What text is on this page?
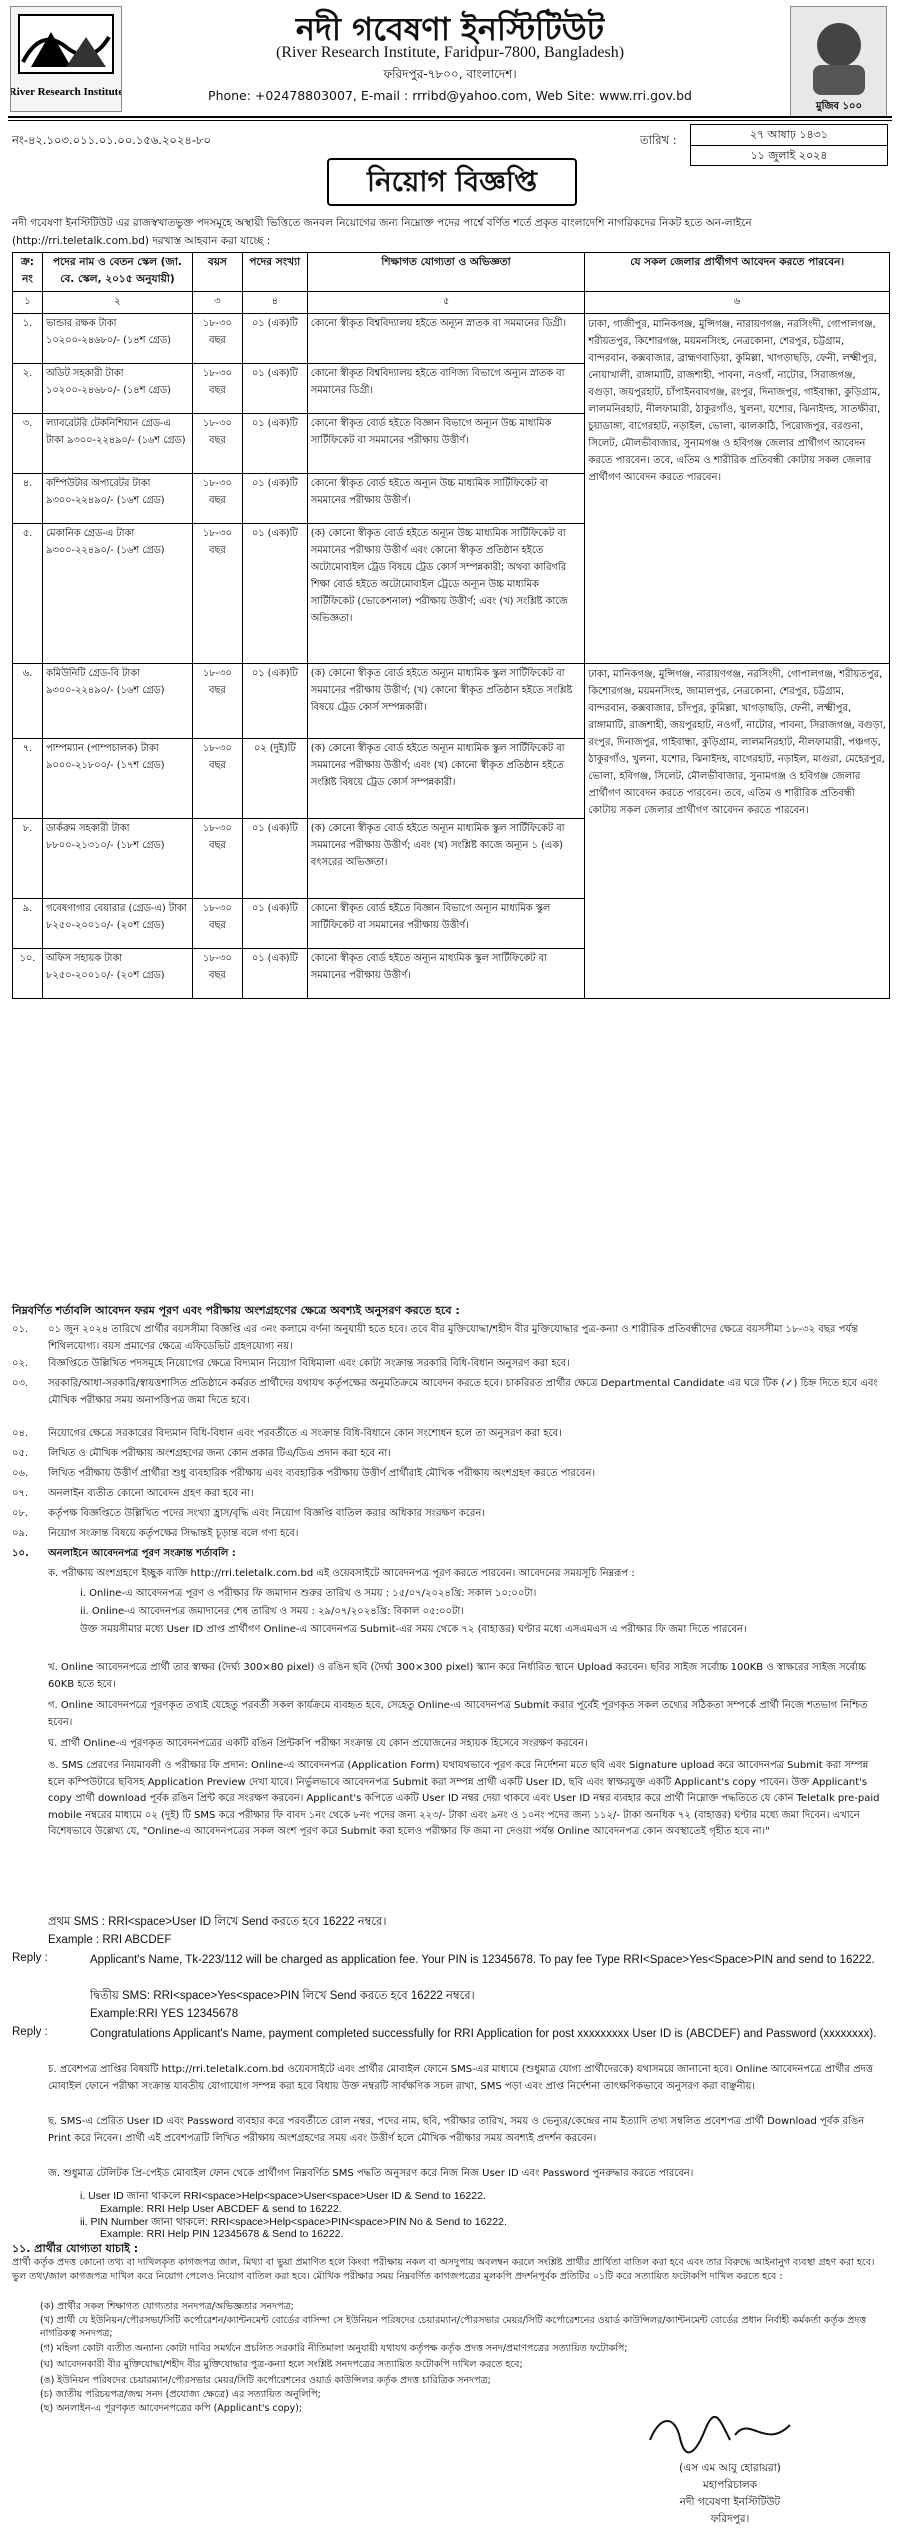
River Research Institute
নদী গবেষণা ইনস্টিটিউট
(River Research Institute, Faridpur-7800, Bangladesh)
ফরিদপুর-৭৮০০, বাংলাদেশ।
Phone: +02478803007, E-mail : rrribd@yahoo.com, Web Site: www.rri.gov.bd
মুজিব ১০০
নং-৪২.১০৩.০১১.০১.০০.১৫৬.২০২৪-৮০	তারিখ :	২৭ আষাঢ় ১৪৩১
১১ জুলাই ২০২৪
নিয়োগ বিজ্ঞপ্তি
নদী গবেষণা ইনস্টিটিউট এর রাজস্বখাতভুক্ত পদসমূহে অস্থায়ী ভিত্তিতে জনবল নিয়োগের জন্য নিম্নোক্ত পদের পার্শ্বে বর্ণিত শর্তে প্রকৃত বাংলাদেশি নাগরিকদের নিকট হতে অন-লাইনে (http://rri.teletalk.com.bd) দরখাস্ত আহবান করা যাচ্ছে :
ক্র: নং	পদের নাম ও বেতন স্কেল (জা. বে. স্কেল, ২০১৫ অনুযায়ী)	বয়স	পদের সংখ্যা	শিক্ষাগত যোগ্যতা ও অভিজ্ঞতা	যে সকল জেলার প্রার্থীগণ আবেদন করতে পারবেন।
১	২	৩	৪	৫	৬
১.	ভান্ডার রক্ষক টাকা ১০২০০-২৪৬৮০/- (১৪শ গ্রেড)	১৮-৩০ বছর	০১ (এক)টি	কোনো স্বীকৃত বিশ্ববিদ্যালয় হইতে অন্যূন স্নাতক বা সমমানের ডিগ্রী।	ঢাকা, গাজীপুর, মানিকগঞ্জ, মুন্সিগঞ্জ, নারায়ণগঞ্জ, নরসিংদী, গোপালগঞ্জ, শরীয়তপুর, কিশোরগঞ্জ, ময়মনসিংহ, নেত্রকোনা, শেরপুর, চট্টগ্রাম, বান্দরবান, কক্সবাজার, ব্রাহ্মণবাড়িয়া, কুমিল্লা, খাগড়াছড়ি, ফেনী, লক্ষ্মীপুর, নোয়াখালী, রাঙ্গামাটি, রাজশাহী, পাবনা, নওগাঁ, নাটোর, সিরাজগঞ্জ, বগুড়া, জয়পুরহাট, চাঁপাইনবাবগঞ্জ, রংপুর, দিনাজপুর, গাইবান্ধা, কুড়িগ্রাম, লালমনিরহাট, নীলফামারী, ঠাকুরগাঁও, খুলনা, যশোর, ঝিনাইদহ, সাতক্ষীরা, চুয়াডাঙ্গা, বাগেরহাট, নড়াইল, ভোলা, ঝালকাঠি, পিরোজপুর, বরগুনা, সিলেট, মৌলভীবাজার, সুনামগঞ্জ ও হবিগঞ্জ জেলার প্রার্থীগণ আবেদন করতে পারবেন। তবে, এতিম ও শারীরিক প্রতিবন্ধী কোটায় সকল জেলার প্রার্থীগণ আবেদন করতে পারবেন।
২.	অডিট সহকারী টাকা ১০২০০-২৪৬৮০/- (১৪শ গ্রেড)	১৮-৩০ বছর	০১ (এক)টি	কোনো স্বীকৃত বিশ্ববিদ্যালয় হইতে বাণিজ্য বিভাগে অন্যূন স্নাতক বা সমমানের ডিগ্রী।	
৩.	ল্যাবরেটরি টেকনিশিয়ান গ্রেড-এ টাকা ৯৩০০-২২৪৯০/- (১৬শ গ্রেড)	১৮-৩০ বছর	০১ (এক)টি	কোনো স্বীকৃত বোর্ড হইতে বিজ্ঞান বিভাগে অন্যূন উচ্চ মাধ্যমিক সার্টিফিকেট বা সমমানের পরীক্ষায় উত্তীর্ণ।	
৪.	কম্পিউটার অপারেটর টাকা ৯৩০০-২২৪৯০/- (১৬শ গ্রেড)	১৮-৩০ বছর	০১ (এক)টি	কোনো স্বীকৃত বোর্ড হইতে অন্যূন উচ্চ মাধ্যমিক সার্টিফিকেট বা সমমানের পরীক্ষায় উত্তীর্ণ।	
৫.	মেকানিক গ্রেড-এ টাকা ৯৩০০-২২৪৯০/- (১৬শ গ্রেড)	১৮-৩০ বছর	০১ (এক)টি	(ক) কোনো স্বীকৃত বোর্ড হইতে অন্যূন উচ্চ মাধ্যমিক সার্টিফিকেট বা সমমানের পরীক্ষায় উত্তীর্ণ এবং কোনো স্বীকৃত প্রতিষ্ঠান হইতে অটোমোবাইল ট্রেড বিষয়ে ট্রেড কোর্স সম্পন্নকারী; অথবা কারিগরি শিক্ষা বোর্ড হইতে অটোমোবাইল ট্রেডে অন্যূন উচ্চ মাধ্যমিক সার্টিফিকেট (ভোকেশনাল) পরীক্ষায় উত্তীর্ণ; এবং (খ) সংশ্লিষ্ট কাজে অভিজ্ঞতা।	
৬.	কমিউনিটি গ্রেড-বি টাকা ৯৩০০-২২৪৯০/- (১৬শ গ্রেড)	১৮-৩০ বছর	০১ (এক)টি	(ক) কোনো স্বীকৃত বোর্ড হইতে অন্যূন মাধ্যমিক স্কুল সার্টিফিকেট বা সমমানের পরীক্ষায় উত্তীর্ণ; (খ) কোনো স্বীকৃত প্রতিষ্ঠান হইতে সংশ্লিষ্ট বিষয়ে ট্রেড কোর্স সম্পন্নকারী।	ঢাকা, মানিকগঞ্জ, মুন্সিগঞ্জ, নারায়ণগঞ্জ, নরসিংদী, গোপালগঞ্জ, শরীয়তপুর, কিশোরগঞ্জ, ময়মনসিংহ, জামালপুর, নেত্রকোনা, শেরপুর, চট্টগ্রাম, বান্দরবান, কক্সবাজার, চাঁদপুর, কুমিল্লা, খাগড়াছড়ি, ফেনী, লক্ষ্মীপুর, রাঙ্গামাটি, রাজশাহী, জয়পুরহাট, নওগাঁ, নাটোর, পাবনা, সিরাজগঞ্জ, বগুড়া, রংপুর, দিনাজপুর, গাইবান্ধা, কুড়িগ্রাম, লালমনিরহাট, নীলফামারী, পঞ্চগড়, ঠাকুরগাঁও, খুলনা, যশোর, ঝিনাইদহ, বাগেরহাট, নড়াইল, মাগুরা, মেহেরপুর, ভোলা, হবিগঞ্জ, সিলেট, মৌলভীবাজার, সুনামগঞ্জ ও হবিগঞ্জ জেলার প্রার্থীগণ আবেদন করতে পারবেন। তবে, এতিম ও শারীরিক প্রতিবন্ধী কোটায় সকল জেলার প্রার্থীগণ আবেদন করতে পারবেন।
৭.	পাম্পম্যান (পাম্পচালক) টাকা ৯০০০-২১৮০০/- (১৭শ গ্রেড)	১৮-৩০ বছর	০২ (দুই)টি	(ক) কোনো স্বীকৃত বোর্ড হইতে অন্যূন মাধ্যমিক স্কুল সার্টিফিকেট বা সমমানের পরীক্ষায় উত্তীর্ণ; এবং (খ) কোনো স্বীকৃত প্রতিষ্ঠান হইতে সংশ্লিষ্ট বিষয়ে ট্রেড কোর্স সম্পন্নকারী।	
৮.	ডার্করুম সহকারী টাকা ৮৮০০-২১৩১০/- (১৮শ গ্রেড)	১৮-৩০ বছর	০১ (এক)টি	(ক) কোনো স্বীকৃত বোর্ড হইতে অন্যূন মাধ্যমিক স্কুল সার্টিফিকেট বা সমমানের পরীক্ষায় উত্তীর্ণ; এবং (খ) সংশ্লিষ্ট কাজে অন্যূন ১ (এক) বৎসরের অভিজ্ঞতা।	
৯.	গবেষণাগার বেয়ারার (গ্রেড-এ) টাকা ৮২৫০-২০০১০/- (২০শ গ্রেড)	১৮-৩০ বছর	০১ (এক)টি	কোনো স্বীকৃত বোর্ড হইতে বিজ্ঞান বিভাগে অন্যূন মাধ্যমিক স্কুল সার্টিফিকেট বা সমমানের পরীক্ষায় উত্তীর্ণ।	
১০.	অফিস সহায়ক টাকা ৮২৫০-২০০১০/- (২০শ গ্রেড)	১৮-৩০ বছর	০১ (এক)টি	কোনো স্বীকৃত বোর্ড হইতে অন্যূন মাধ্যমিক স্কুল সার্টিফিকেট বা সমমানের পরীক্ষায় উত্তীর্ণ।	
নিম্নবর্ণিত শর্তাবলি আবেদন ফরম পূরণ এবং পরীক্ষায় অংশগ্রহণের ক্ষেত্রে অবশ্যই অনুসরণ করতে হবে :
০১. ০১ জুন ২০২৪ তারিখে প্রার্থীর বয়সসীমা বিজ্ঞপ্তি এর ৩নং কলামে বর্ণনা অনুযায়ী হতে হবে। তবে বীর মুক্তিযোদ্ধা/শহীদ বীর মুক্তিযোদ্ধার পুত্র-কন্যা ও শারীরিক প্রতিবন্ধীদের ক্ষেত্রে বয়সসীমা ১৮-৩২ বছর পর্যন্ত শিথিলযোগ্য। বয়স প্রমাণের ক্ষেত্রে এফিডেভিট গ্রহণযোগ্য নয়।
০২. বিজ্ঞপ্তিতে উল্লিখিত পদসমূহে নিয়োগের ক্ষেত্রে বিদ্যমান নিয়োগ বিধিমালা এবং কোটা সংক্রান্ত সরকারি বিধি-বিধান অনুসরণ করা হবে।
০৩. সরকারি/আধা-সরকারি/স্বায়ত্তশাসিত প্রতিষ্ঠানে কর্মরত প্রার্থীদের যথাযথ কর্তৃপক্ষের অনুমতিক্রমে আবেদন করতে হবে। চাকরিরত প্রার্থীর ক্ষেত্রে Departmental Candidate এর ঘরে টিক (✓) চিহ্ন দিতে হবে এবং মৌখিক পরীক্ষার সময় অনাপত্তিপত্র জমা দিতে হবে।
০৪. নিয়োগের ক্ষেত্রে সরকারের বিদ্যমান বিধি-বিধান এবং পরবর্তীতে এ সংক্রান্ত বিধি-বিধানে কোন সংশোধন হলে তা অনুসরণ করা হবে।
০৫. লিখিত ও মৌখিক পরীক্ষায় অংশগ্রহণের জন্য কোন প্রকার টিএ/ডিএ প্রদান করা হবে না।
০৬. লিখিত পরীক্ষায় উত্তীর্ণ প্রার্থীরা শুধু ব্যবহারিক পরীক্ষায় এবং ব্যবহারিক পরীক্ষায় উত্তীর্ণ প্রার্থীরাই মৌখিক পরীক্ষায় অংশগ্রহণ করতে পারবেন।
০৭. অনলাইন ব্যতীত কোনো আবেদন গ্রহণ করা হবে না।
০৮. কর্তৃপক্ষ বিজ্ঞপ্তিতে উল্লিখিত পদের সংখ্যা হ্রাস/বৃদ্ধি এবং নিয়োগ বিজ্ঞপ্তি বাতিল করার অধিকার সংরক্ষণ করেন।
০৯. নিয়োগ সংক্রান্ত বিষয়ে কর্তৃপক্ষের সিদ্ধান্তই চূড়ান্ত বলে গণ্য হবে।
১০. অনলাইনে আবেদনপত্র পূরণ সংক্রান্ত শর্তাবলি :
ক. পরীক্ষায় অংশগ্রহণে ইচ্ছুক ব্যক্তি http://rri.teletalk.com.bd এই ওয়েবসাইটে আবেদনপত্র পূরণ করতে পারবেন। আবেদনের সময়সূচি নিম্নরূপ :
i. Online-এ আবেদনপত্র পূরণ ও পরীক্ষার ফি জমাদান শুরুর তারিখ ও সময় : ১৫/০৭/২০২৪খ্রি: সকাল ১০:০০টা।
ii. Online-এ আবেদনপত্র জমাদানের শেষ তারিখ ও সময় : ২৯/০৭/২০২৪খ্রি: বিকাল ০৫:০০টা।
উক্ত সময়সীমার মধ্যে User ID প্রাপ্ত প্রার্থীগণ Online-এ আবেদনপত্র Submit-এর সময় থেকে ৭২ (বাহাত্তর) ঘণ্টার মধ্যে এসএমএস এ পরীক্ষার ফি জমা দিতে পারবেন।
খ. Online আবেদনপত্রে প্রার্থী তার স্বাক্ষর (দৈর্ঘ্য 300×80 pixel) ও রঙিন ছবি (দৈর্ঘ্য 300×300 pixel) স্ক্যান করে নির্ধারিত স্থানে Upload করবেন। ছবির সাইজ সর্বোচ্চ 100KB ও স্বাক্ষরের সাইজ সর্বোচ্চ 60KB হতে হবে।
গ. Online আবেদনপত্রে পূরণকৃত তথ্যই যেহেতু পরবর্তী সকল কার্যক্রমে ব্যবহৃত হবে, সেহেতু Online-এ আবেদনপত্র Submit করার পূর্বেই পূরণকৃত সকল তথ্যের সঠিকতা সম্পর্কে প্রার্থী নিজে শতভাগ নিশ্চিত হবেন।
ঘ. প্রার্থী Online-এ পূরণকৃত আবেদনপত্রের একটি রঙিন প্রিন্টকপি পরীক্ষা সংক্রান্ত যে কোন প্রয়োজনের সহায়ক হিসেবে সংরক্ষণ করবেন।
ঙ. SMS প্রেরণের নিয়মাবলী ও পরীক্ষার ফি প্রদান: Online-এ আবেদনপত্র (Application Form) যথাযথভাবে পূরণ করে নির্দেশনা মতে ছবি এবং Signature upload করে আবেদনপত্র Submit করা সম্পন্ন হলে কম্পিউটারে ছবিসহ Application Preview দেখা যাবে। নির্ভুলভাবে আবেদনপত্র Submit করা সম্পন্ন প্রার্থী একটি User ID, ছবি এবং স্বাক্ষরযুক্ত একটি Applicant's copy পাবেন। উক্ত Applicant's copy প্রার্থী download পূর্বক রঙিন প্রিন্ট করে সংরক্ষণ করবেন। Applicant's কপিতে একটি User ID নম্বর দেয়া থাকবে এবং User ID নম্বর ব্যবহার করে প্রার্থী নিম্নোক্ত পদ্ধতিতে যে কোন Teletalk pre-paid mobile নম্বরের মাধ্যমে ০২ (দুই) টি SMS করে পরীক্ষার ফি বাবদ ১নং থেকে ৮নং পদের জন্য ২২৩/- টাকা এবং ৯নং ও ১০নং পদের জন্য ১১২/- টাকা অনধিক ৭২ (বাহাত্তর) ঘণ্টার মধ্যে জমা দিবেন। এখানে বিশেষভাবে উল্লেখ্য যে, "Online-এ আবেদনপত্রের সকল অংশ পূরণ করে Submit করা হলেও পরীক্ষার ফি জমা না দেওয়া পর্যন্ত Online আবেদনপত্র কোন অবস্থাতেই গৃহীত হবে না।"
প্রথম SMS : RRI<space>User ID লিখে Send করতে হবে 16222 নম্বরে।
Example : RRI ABCDEF
Reply :	Applicant's Name, Tk-223/112 will be charged as application fee. Your PIN is 12345678. To pay fee Type RRI<Space>Yes<Space>PIN and send to 16222.
দ্বিতীয় SMS: RRI<space>Yes<space>PIN লিখে Send করতে হবে 16222 নম্বরে।
Example:RRI YES 12345678
Reply :	Congratulations Applicant's Name, payment completed successfully for RRI Application for post xxxxxxxxx User ID is (ABCDEF) and Password (xxxxxxxx).
চ. প্রবেশপত্র প্রাপ্তির বিষয়টি http://rri.teletalk.com.bd ওয়েবসাইটে এবং প্রার্থীর মোবাইল ফোনে SMS-এর মাধ্যমে (শুধুমাত্র যোগ্য প্রার্থীদেরকে) যথাসময়ে জানানো হবে। Online আবেদনপত্রে প্রার্থীর প্রদত্ত মোবাইল ফোনে পরীক্ষা সংক্রান্ত যাবতীয় যোগাযোগ সম্পন্ন করা হবে বিধায় উক্ত নম্বরটি সার্বক্ষণিক সচল রাখা, SMS পড়া এবং প্রাপ্ত নির্দেশনা তাৎক্ষণিকভাবে অনুসরণ করা বাঞ্ছনীয়।
ছ. SMS-এ প্রেরিত User ID এবং Password ব্যবহার করে পরবর্তীতে রোল নম্বর, পদের নাম, ছবি, পরীক্ষার তারিখ, সময় ও ভেন্যুর/কেন্দ্রের নাম ইত্যাদি তথ্য সম্বলিত প্রবেশপত্র প্রার্থী Download পূর্বক রঙিন Print করে নিবেন। প্রার্থী এই প্রবেশপত্রটি লিখিত পরীক্ষায় অংশগ্রহণের সময় এবং উত্তীর্ণ হলে মৌখিক পরীক্ষার সময় অবশ্যই প্রদর্শন করবেন।
জ. শুধুমাত্র টেলিটক প্রি-পেইড মোবাইল ফোন থেকে প্রার্থীগণ নিম্নবর্ণিত SMS পদ্ধতি অনুসরণ করে নিজ নিজ User ID এবং Password পুনরুদ্ধার করতে পারবেন।
i. User ID জানা থাকলে RRI<space>Help<space>User<space>User ID & Send to 16222.
Example: RRI Help User ABCDEF & send to 16222.
ii. PIN Number জানা থাকলে: RRI<space>Help<space>PIN<space>PIN No & Send to 16222.
Example: RRI Help PIN 12345678 & Send to 16222.
১১. প্রার্থীর যোগ্যতা যাচাই :
প্রার্থী কর্তৃক প্রদত্ত কোনো তথ্য বা দাখিলকৃত কাগজপত্র জাল, মিথ্যা বা ভুয়া প্রমাণিত হলে কিংবা পরীক্ষায় নকল বা অসদুপায় অবলম্বন করলে সংশ্লিষ্ট প্রার্থীর প্রার্থিতা বাতিল করা হবে এবং তার বিরুদ্ধে আইনানুগ ব্যবস্থা গ্রহণ করা হবে। ভুল তথ্য/জাল কাগজপত্র দাখিল করে নিয়োগ পেলেও নিয়োগ বাতিল করা হবে। মৌখিক পরীক্ষার সময় নিম্নবর্ণিত কাগজপত্রের মূলকপি প্রদর্শনপূর্বক প্রতিটির ০১টি করে সত্যায়িত ফটোকপি দাখিল করতে হবে :
(ক) প্রার্থীর সকল শিক্ষাগত যোগ্যতার সনদপত্র/অভিজ্ঞতার সনদপত্র;
(খ) প্রার্থী যে ইউনিয়ন/পৌরসভা/সিটি কর্পোরেশন/ক্যান্টনমেন্ট বোর্ডের বাসিন্দা সে ইউনিয়ন পরিষদের চেয়ারম্যান/পৌরসভার মেয়র/সিটি কর্পোরেশনের ওয়ার্ড কাউন্সিলর/ক্যান্টনমেন্ট বোর্ডের প্রধান নির্বাহী কর্মকর্তা কর্তৃক প্রদত্ত নাগরিকত্ব সনদপত্র;
(গ) মহিলা কোটা ব্যতীত অন্যান্য কোটা দাবির সমর্থনে প্রচলিত সরকারি নীতিমালা অনুযায়ী যথাযথ কর্তৃপক্ষ কর্তৃক প্রদত্ত সনদ/প্রমাণপত্রের সত্যায়িত ফটোকপি;
(ঘ) আবেদনকারী বীর মুক্তিযোদ্ধা/শহীদ বীর মুক্তিযোদ্ধার পুত্র-কন্যা হলে সংশ্লিষ্ট সনদপত্রের সত্যায়িত ফটোকপি দাখিল করতে হবে;
(ঙ) ইউনিয়ন পরিষদের চেয়ারম্যান/পৌরসভার মেয়র/সিটি কর্পোরেশনের ওয়ার্ড কাউন্সিলর কর্তৃক প্রদত্ত চারিত্রিক সনদপত্র;
(চ) জাতীয় পরিচয়পত্র/জন্ম সনদ (প্রযোজ্য ক্ষেত্রে) এর সত্যায়িত অনুলিপি;
(ছ) অনলাইন-এ পূরণকৃত আবেদনপত্রের কপি (Applicant's copy);
(এস এম আবু হোরায়রা)
মহাপরিচালক
নদী গবেষণা ইনস্টিটিউট
ফরিদপুর।
